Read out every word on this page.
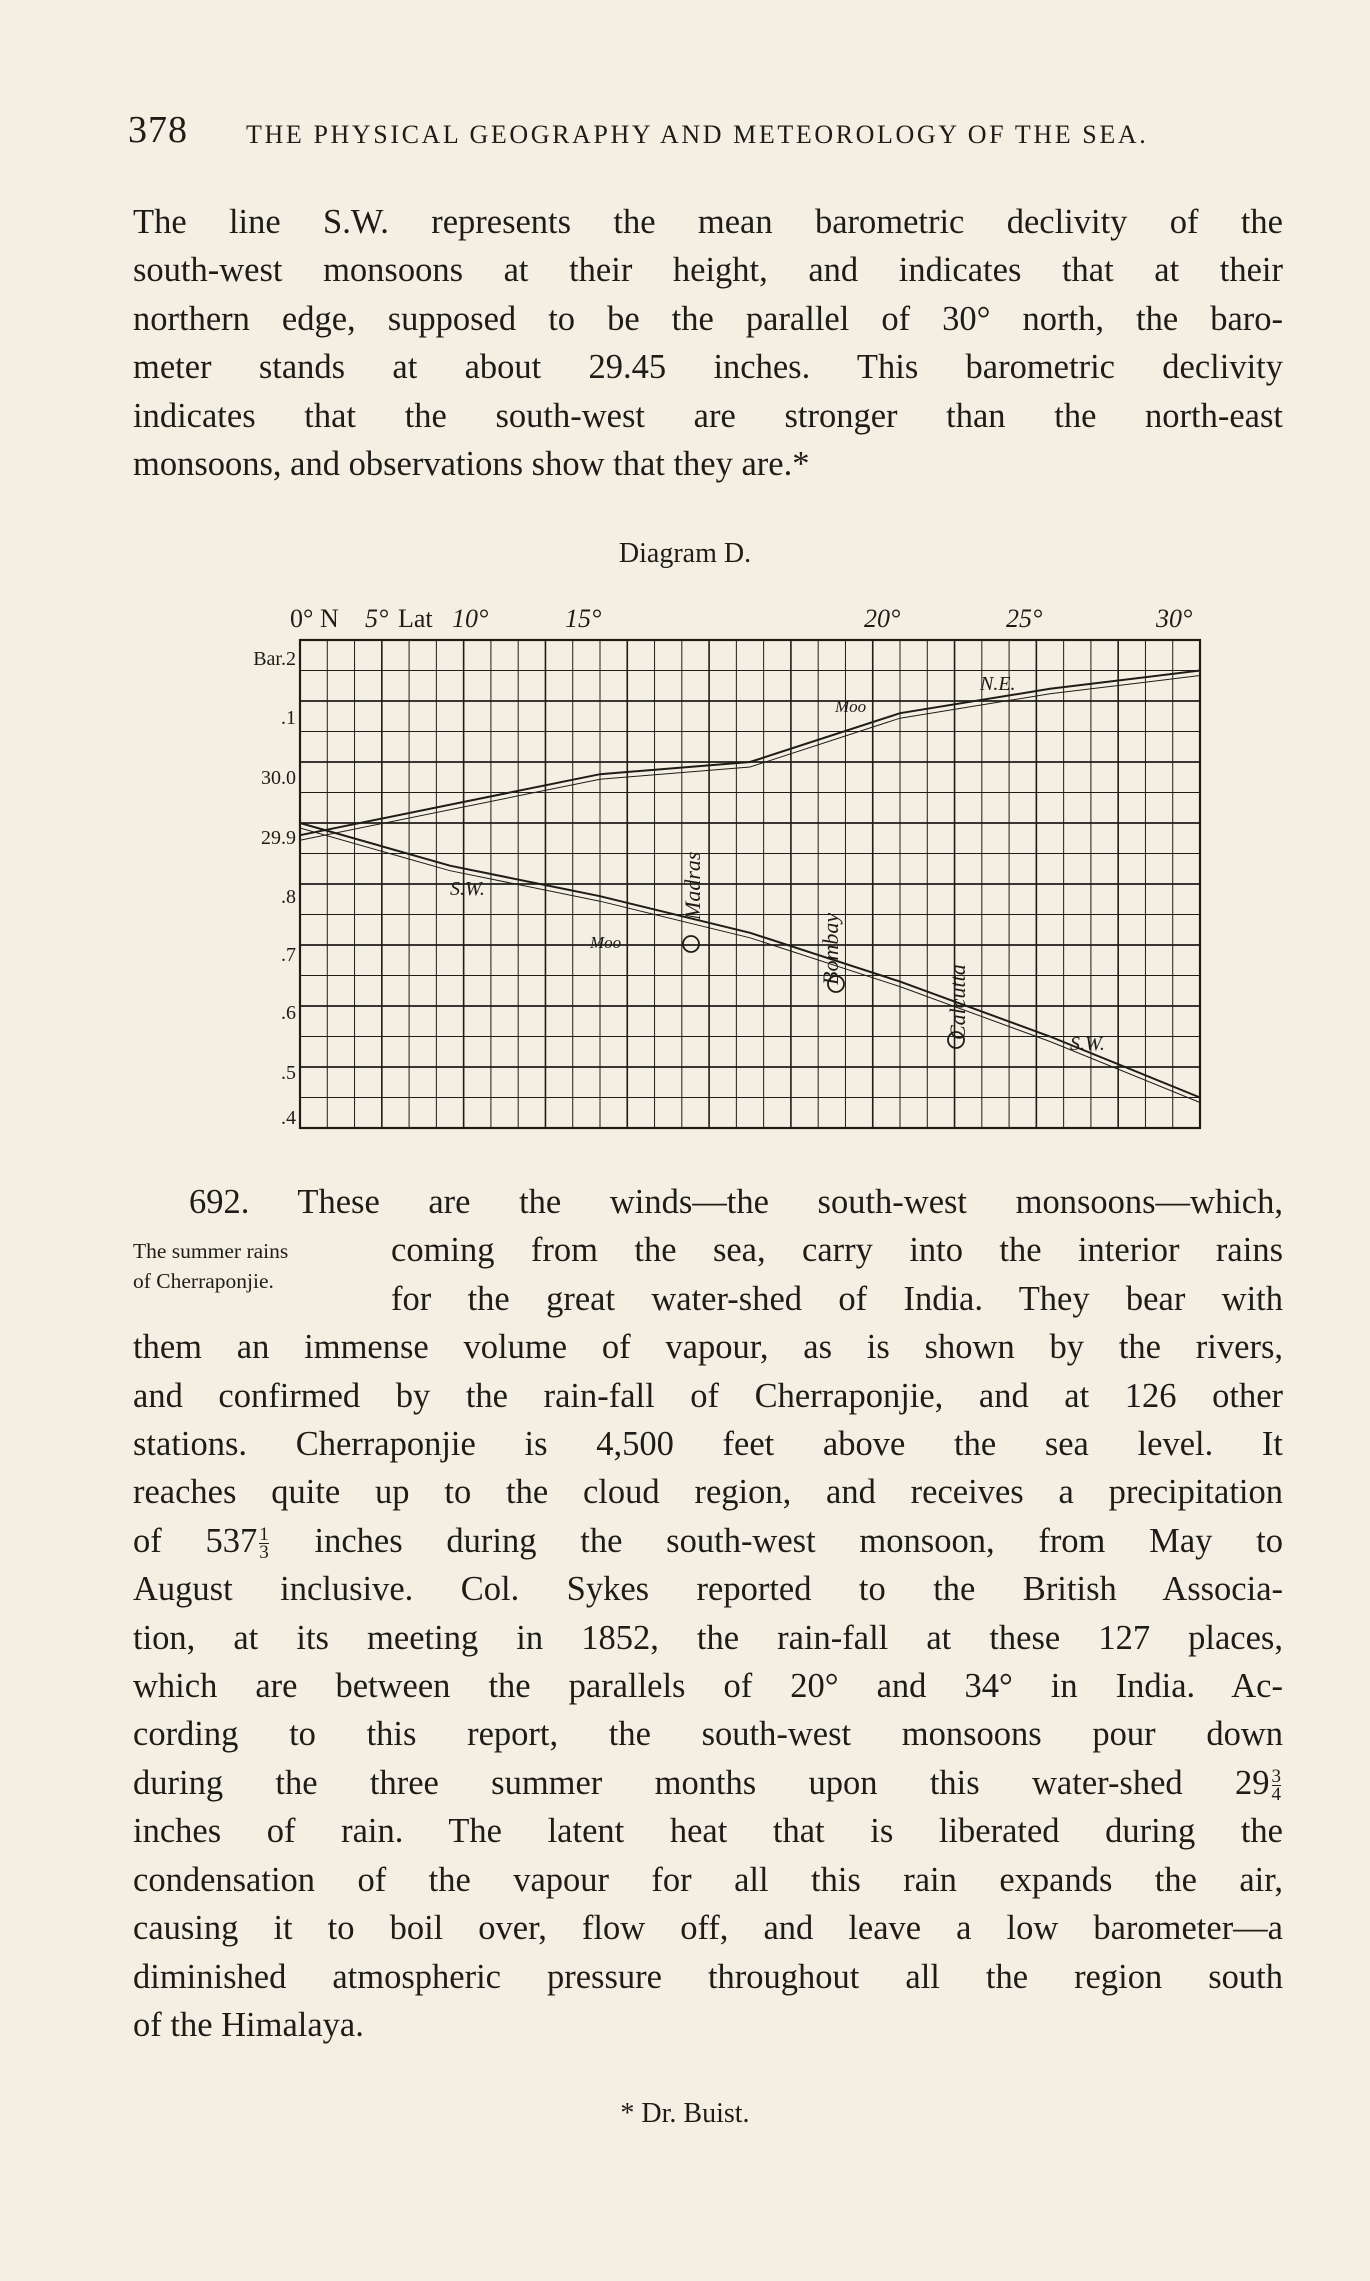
378 THE PHYSICAL GEOGRAPHY AND METEOROLOGY OF THE SEA.
The line S.W. represents the mean barometric declivity of the
south-west monsoons at their height, and indicates that at their
northern edge, supposed to be the parallel of 30° north, the baro-
meter stands at about 29.45 inches. This barometric declivity
indicates that the south-west are stronger than the north-east
monsoons, and observations show that they are.*
Diagram D.
0° N 5° Lat 10°	15°	20°	25°	30°
Bar.2
.1
30.0
29.9
.8
.7
.6
.5
.4
Madras
Bombay
Calcutta
S.W.
N.E.
S.W.
Moo
Moo
The summer rains
of Cherraponjie.
692. These are the winds—the south-west monsoons—which,
coming from the sea, carry into the interior rains
for the great water-shed of India. They bear with
them an immense volume of vapour, as is shown by the rivers,
and confirmed by the rain-fall of Cherraponjie, and at 126 other
stations. Cherraponjie is 4,500 feet above the sea level. It
reaches quite up to the cloud region, and receives a precipitation
of $537 \frac{1}{3}$ inches during the south-west monsoon, from May to
August inclusive. Col. Sykes reported to the British Associa-
tion, at its meeting in 1852, the rain-fall at these 127 places,
which are between the parallels of 20° and 34° in India. Ac-
cording to this report, the south-west monsoons pour down
during the three summer months upon this water-shed $29 \frac{3}{4}$
inches of rain. The latent heat that is liberated during the
condensation of the vapour for all this rain expands the air,
causing it to boil over, flow off, and leave a low barometer—a
diminished atmospheric pressure throughout all the region south
of the Himalaya.
* Dr. Buist.
